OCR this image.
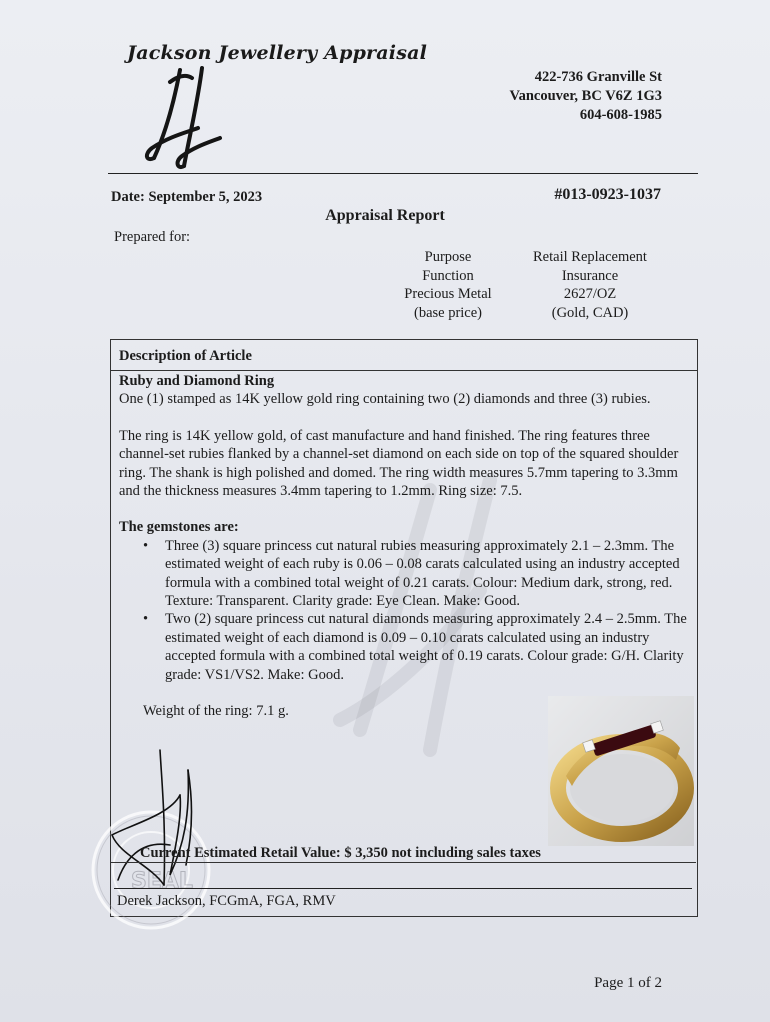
Jackson Jewellery Appraisal
422-736 Granville St
Vancouver, BC V6Z 1G3
604-608-1985
Date: September 5, 2023	#013-0923-1037
Appraisal Report
Prepared for:
Purpose
Function
Precious Metal
(base price)
Retail Replacement
Insurance
2627/OZ
(Gold, CAD)
Description of Article

Ruby and Diamond Ring

One (1) stamped as 14K yellow gold ring containing two (2) diamonds and three (3) rubies.

The ring is 14K yellow gold, of cast manufacture and hand finished. The ring features three channel-set rubies flanked by a channel-set diamond on each side on top of the squared shoulder ring. The shank is high polished and domed. The ring width measures 5.7mm tapering to 3.3mm and the thickness measures 3.4mm tapering to 1.2mm. Ring size: 7.5.

The gemstones are:

• Three (3) square princess cut natural rubies measuring approximately 2.1 – 2.3mm. The estimated weight of each ruby is 0.06 – 0.08 carats calculated using an industry accepted formula with a combined total weight of 0.21 carats. Colour: Medium dark, strong, red. Texture: Transparent. Clarity grade: Eye Clean. Make: Good.
• Two (2) square princess cut natural diamonds measuring approximately 2.4 – 2.5mm. The estimated weight of each diamond is 0.09 – 0.10 carats calculated using an industry accepted formula with a combined total weight of 0.19 carats. Colour grade: G/H. Clarity grade: VS1/VS2. Make: Good.

Weight of the ring: 7.1 g.

SEAL
Current Estimated Retail Value: $ 3,350 not including sales taxes
Derek Jackson, FCGmA, FGA, RMV
Page 1 of 2
